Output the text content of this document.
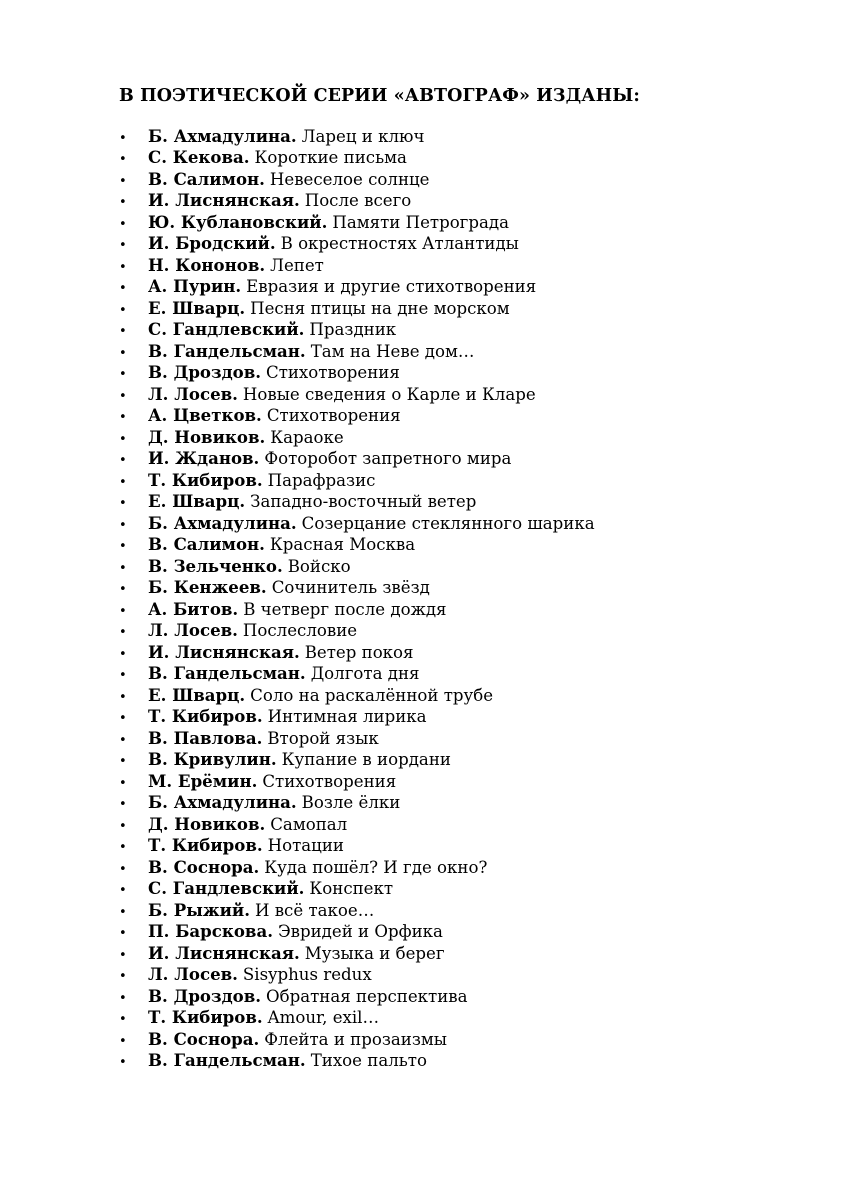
В ПОЭТИЧЕСКОЙ СЕРИИ «АВТОГРАФ» ИЗДАНЫ:
•	Б. Ахмадулина. Ларец и ключ
•	С. Кекова. Короткие письма
•	В. Салимон. Невеселое солнце
•	И. Лиснянская. После всего
•	Ю. Кублановский. Памяти Петрограда
•	И. Бродский. В окрестностях Атлантиды
•	Н. Кононов. Лепет
•	А. Пурин. Евразия и другие стихотворения
•	Е. Шварц. Песня птицы на дне морском
•	С. Гандлевский. Праздник
•	В. Гандельсман. Там на Неве дом…
•	В. Дроздов. Стихотворения
•	Л. Лосев. Новые сведения о Карле и Кларе
•	А. Цветков. Стихотворения
•	Д. Новиков. Караоке
•	И. Жданов. Фоторобот запретного мира
•	Т. Кибиров. Парафразис
•	Е. Шварц. Западно-восточный ветер
•	Б. Ахмадулина. Созерцание стеклянного шарика
•	В. Салимон. Красная Москва
•	В. Зельченко. Войско
•	Б. Кенжеев. Сочинитель звёзд
•	А. Битов. В четверг после дождя
•	Л. Лосев. Послесловие
•	И. Лиснянская. Ветер покоя
•	В. Гандельсман. Долгота дня
•	Е. Шварц. Соло на раскалённой трубе
•	Т. Кибиров. Интимная лирика
•	В. Павлова. Второй язык
•	В. Кривулин. Купание в иордани
•	М. Ерёмин. Стихотворения
•	Б. Ахмадулина. Возле ёлки
•	Д. Новиков. Самопал
•	Т. Кибиров. Нотации
•	В. Соснора. Куда пошёл? И где окно?
•	С. Гандлевский. Конспект
•	Б. Рыжий. И всё такое…
•	П. Барскова. Эвридей и Орфика
•	И. Лиснянская. Музыка и берег
•	Л. Лосев. Sisyphus redux
•	В. Дроздов. Обратная перспектива
•	Т. Кибиров. Amour, exil…
•	В. Соснора. Флейта и прозаизмы
•	В. Гандельсман. Тихое пальто
